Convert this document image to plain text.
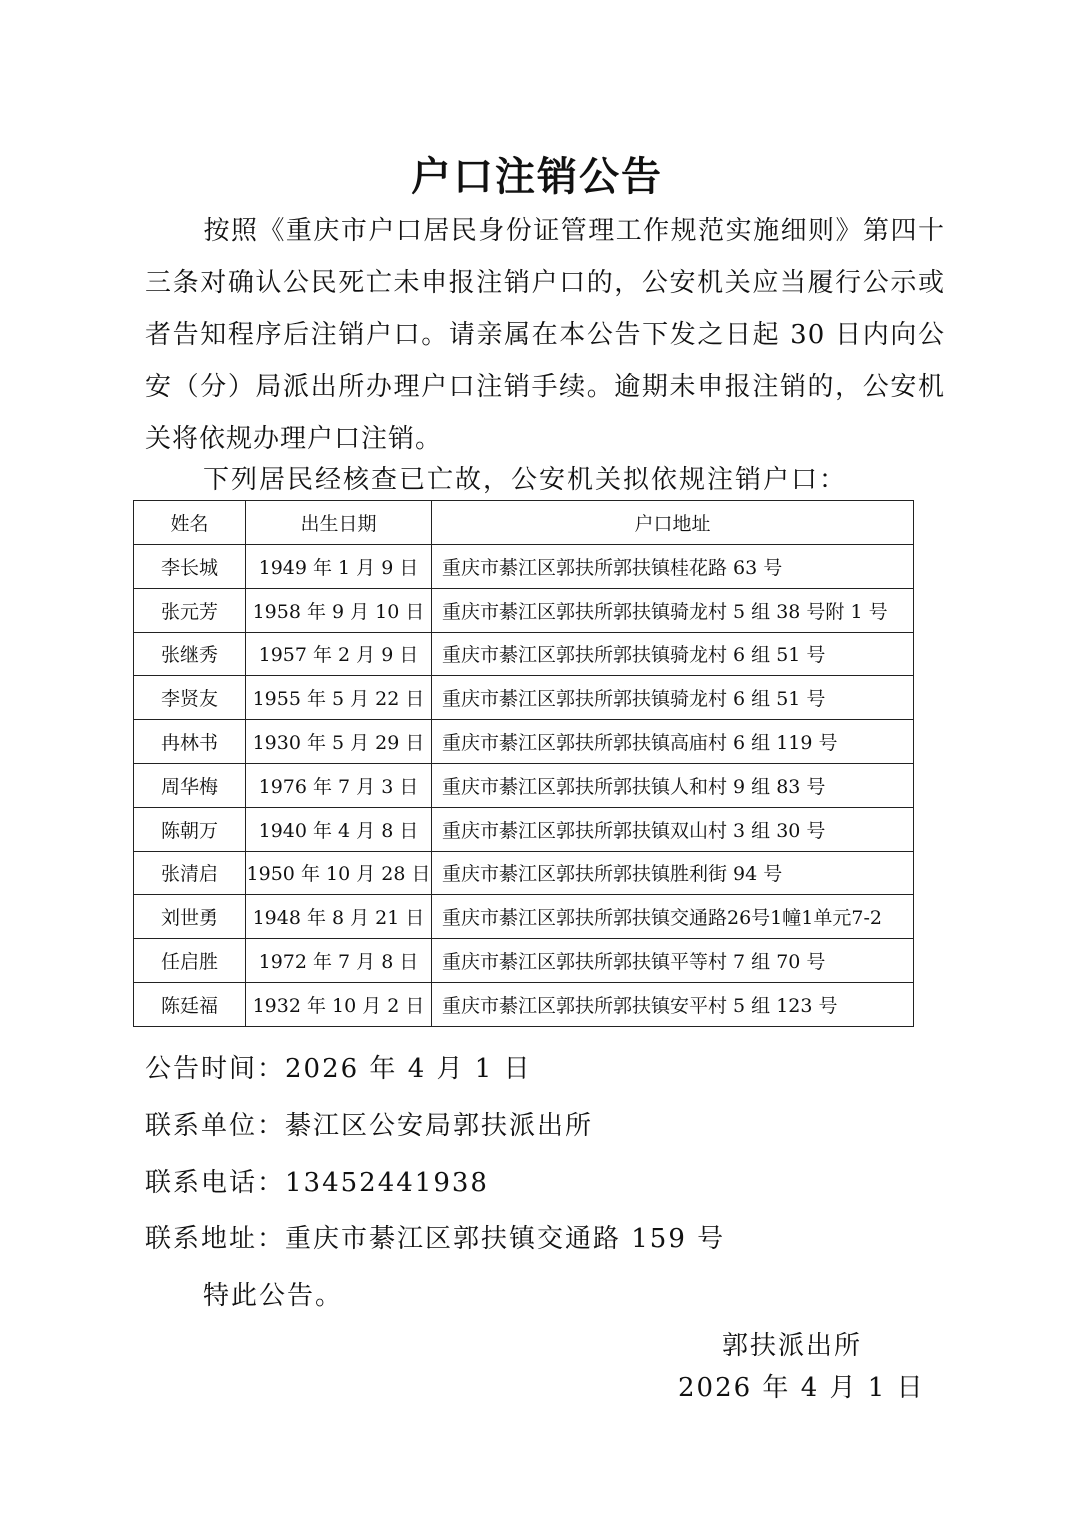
户口注销公告
按照《重庆市户口居民身份证管理工作规范实施细则》第四十三条对确认公民死亡未申报注销户口的，公安机关应当履行公示或者告知程序后注销户口。请亲属在本公告下发之日起 30 日内向公安（分）局派出所办理户口注销手续。逾期未申报注销的，公安机关将依规办理户口注销。
下列居民经核查已亡故，公安机关拟依规注销户口：
姓名	出生日期	户口地址
李长城	1949 年 1 月 9 日	重庆市綦江区郭扶所郭扶镇桂花路 63 号
张元芳	1958 年 9 月 10 日	重庆市綦江区郭扶所郭扶镇骑龙村 5 组 38 号附 1 号
张继秀	1957 年 2 月 9 日	重庆市綦江区郭扶所郭扶镇骑龙村 6 组 51 号
李贤友	1955 年 5 月 22 日	重庆市綦江区郭扶所郭扶镇骑龙村 6 组 51 号
冉林书	1930 年 5 月 29 日	重庆市綦江区郭扶所郭扶镇高庙村 6 组 119 号
周华梅	1976 年 7 月 3 日	重庆市綦江区郭扶所郭扶镇人和村 9 组 83 号
陈朝万	1940 年 4 月 8 日	重庆市綦江区郭扶所郭扶镇双山村 3 组 30 号
张清启	1950 年 10 月 28 日	重庆市綦江区郭扶所郭扶镇胜利街 94 号
刘世勇	1948 年 8 月 21 日	重庆市綦江区郭扶所郭扶镇交通路26号1幢1单元7-2
任启胜	1972 年 7 月 8 日	重庆市綦江区郭扶所郭扶镇平等村 7 组 70 号
陈廷福	1932 年 10 月 2 日	重庆市綦江区郭扶所郭扶镇安平村 5 组 123 号
公告时间：2026 年 4 月 1 日
联系单位：綦江区公安局郭扶派出所
联系电话：13452441938
联系地址：重庆市綦江区郭扶镇交通路 159 号
特此公告。
郭扶派出所
2026 年 4 月 1 日
